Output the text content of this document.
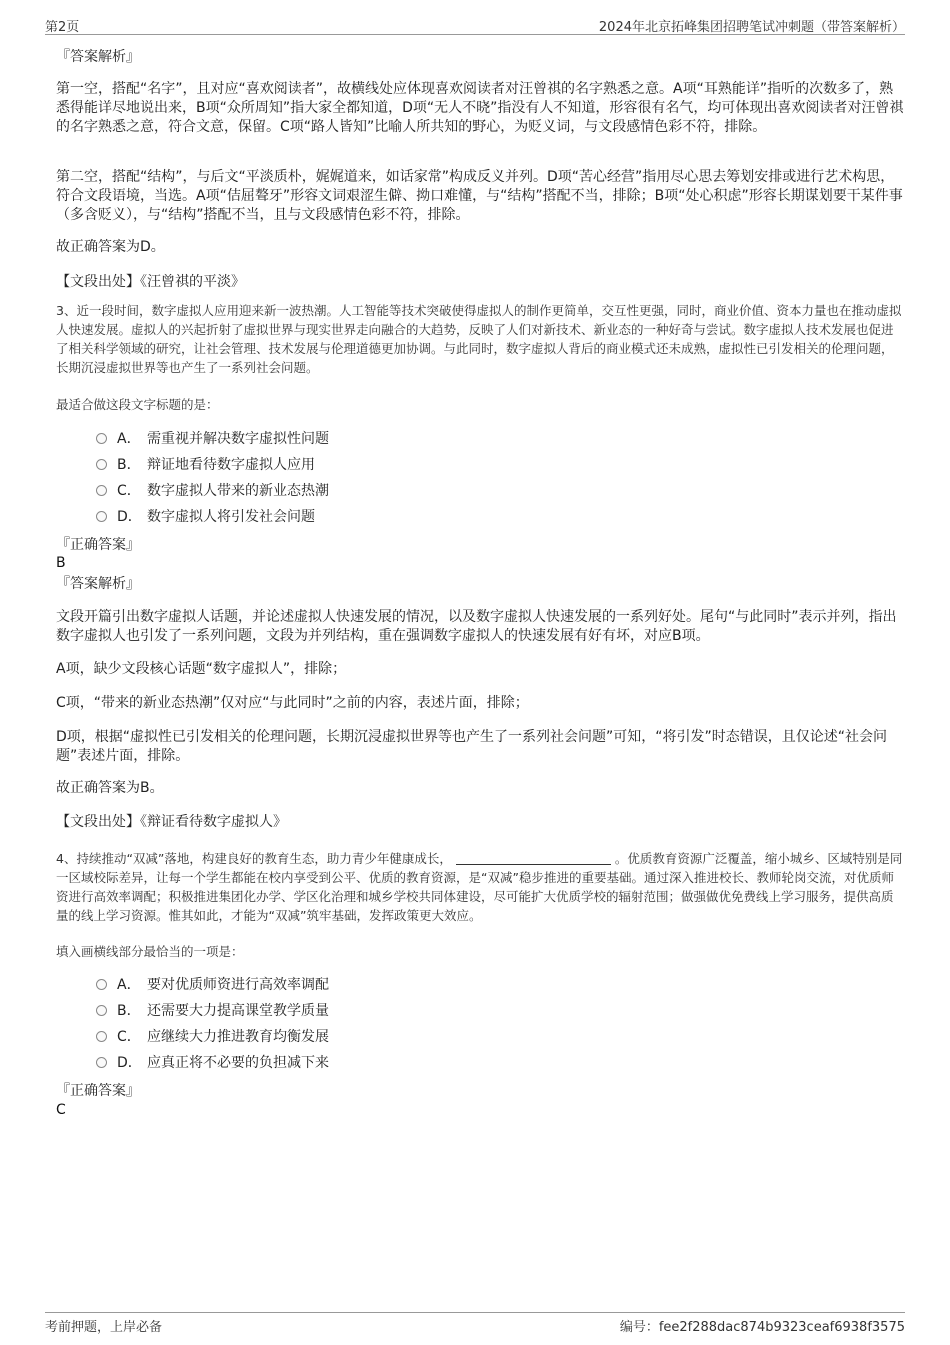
第2页	2024年北京拓峰集团招聘笔试冲刺题（带答案解析）
『答案解析』

第一空，搭配“名字”，且对应“喜欢阅读者”，故横线处应体现喜欢阅读者对汪曾祺的名字熟悉之意。A项“耳熟能详”指听的次数多了，熟悉得能详尽地说出来，B项“众所周知”指大家全都知道，D项“无人不晓”指没有人不知道，形容很有名气，均可体现出喜欢阅读者对汪曾祺的名字熟悉之意，符合文意，保留。C项“路人皆知”比喻人所共知的野心，为贬义词，与文段感情色彩不符，排除。

第二空，搭配“结构”，与后文“平淡质朴，娓娓道来，如话家常”构成反义并列。D项“苦心经营”指用尽心思去筹划安排或进行艺术构思，符合文段语境，当选。A项“佶屈聱牙”形容文词艰涩生僻、拗口难懂，与“结构”搭配不当，排除；B项“处心积虑”形容长期谋划要干某件事（多含贬义），与“结构”搭配不当，且与文段感情色彩不符，排除。

故正确答案为D。
【文段出处】《汪曾祺的平淡》

3、近一段时间，数字虚拟人应用迎来新一波热潮。人工智能等技术突破使得虚拟人的制作更简单，交互性更强，同时，商业价值、资本力量也在推动虚拟人快速发展。虚拟人的兴起折射了虚拟世界与现实世界走向融合的大趋势，反映了人们对新技术、新业态的一种好奇与尝试。数字虚拟人技术发展也促进了相关科学领域的研究，让社会管理、技术发展与伦理道德更加协调。与此同时，数字虚拟人背后的商业模式还未成熟，虚拟性已引发相关的伦理问题，长期沉浸虚拟世界等也产生了一系列社会问题。

最适合做这段文字标题的是：
A． 需重视并解决数字虚拟性问题
B． 辩证地看待数字虚拟人应用
C． 数字虚拟人带来的新业态热潮
D． 数字虚拟人将引发社会问题
『正确答案』
B
『答案解析』

文段开篇引出数字虚拟人话题，并论述虚拟人快速发展的情况，以及数字虚拟人快速发展的一系列好处。尾句“与此同时”表示并列，指出数字虚拟人也引发了一系列问题，文段为并列结构，重在强调数字虚拟人的快速发展有好有坏，对应B项。

A项，缺少文段核心话题“数字虚拟人”，排除；
C项，“带来的新业态热潮”仅对应“与此同时”之前的内容，表述片面，排除；

D项，根据“虚拟性已引发相关的伦理问题，长期沉浸虚拟世界等也产生了一系列社会问题”可知，“将引发”时态错误，且仅论述“社会问题”表述片面，排除。

故正确答案为B。
【文段出处】《辩证看待数字虚拟人》

4、持续推动“双减”落地，构建良好的教育生态，助力青少年健康成长，	。优质教育资源广泛覆盖，缩小城乡、区域特别是同一区域校际差异，让每一个学生都能在校内享受到公平、优质的教育资源，是“双减”稳步推进的重要基础。通过深入推进校长、教师轮岗交流，对优质师资进行高效率调配；积极推进集团化办学、学区化治理和城乡学校共同体建设，尽可能扩大优质学校的辐射范围；做强做优免费线上学习服务，提供高质量的线上学习资源。惟其如此，才能为“双减”筑牢基础，发挥政策更大效应。

填入画横线部分最恰当的一项是：
A． 要对优质师资进行高效率调配
B． 还需要大力提高课堂教学质量
C． 应继续大力推进教育均衡发展
D． 应真正将不必要的负担减下来
『正确答案』
C
考前押题，上岸必备	编号：fee2f288dac874b9323ceaf6938f3575
